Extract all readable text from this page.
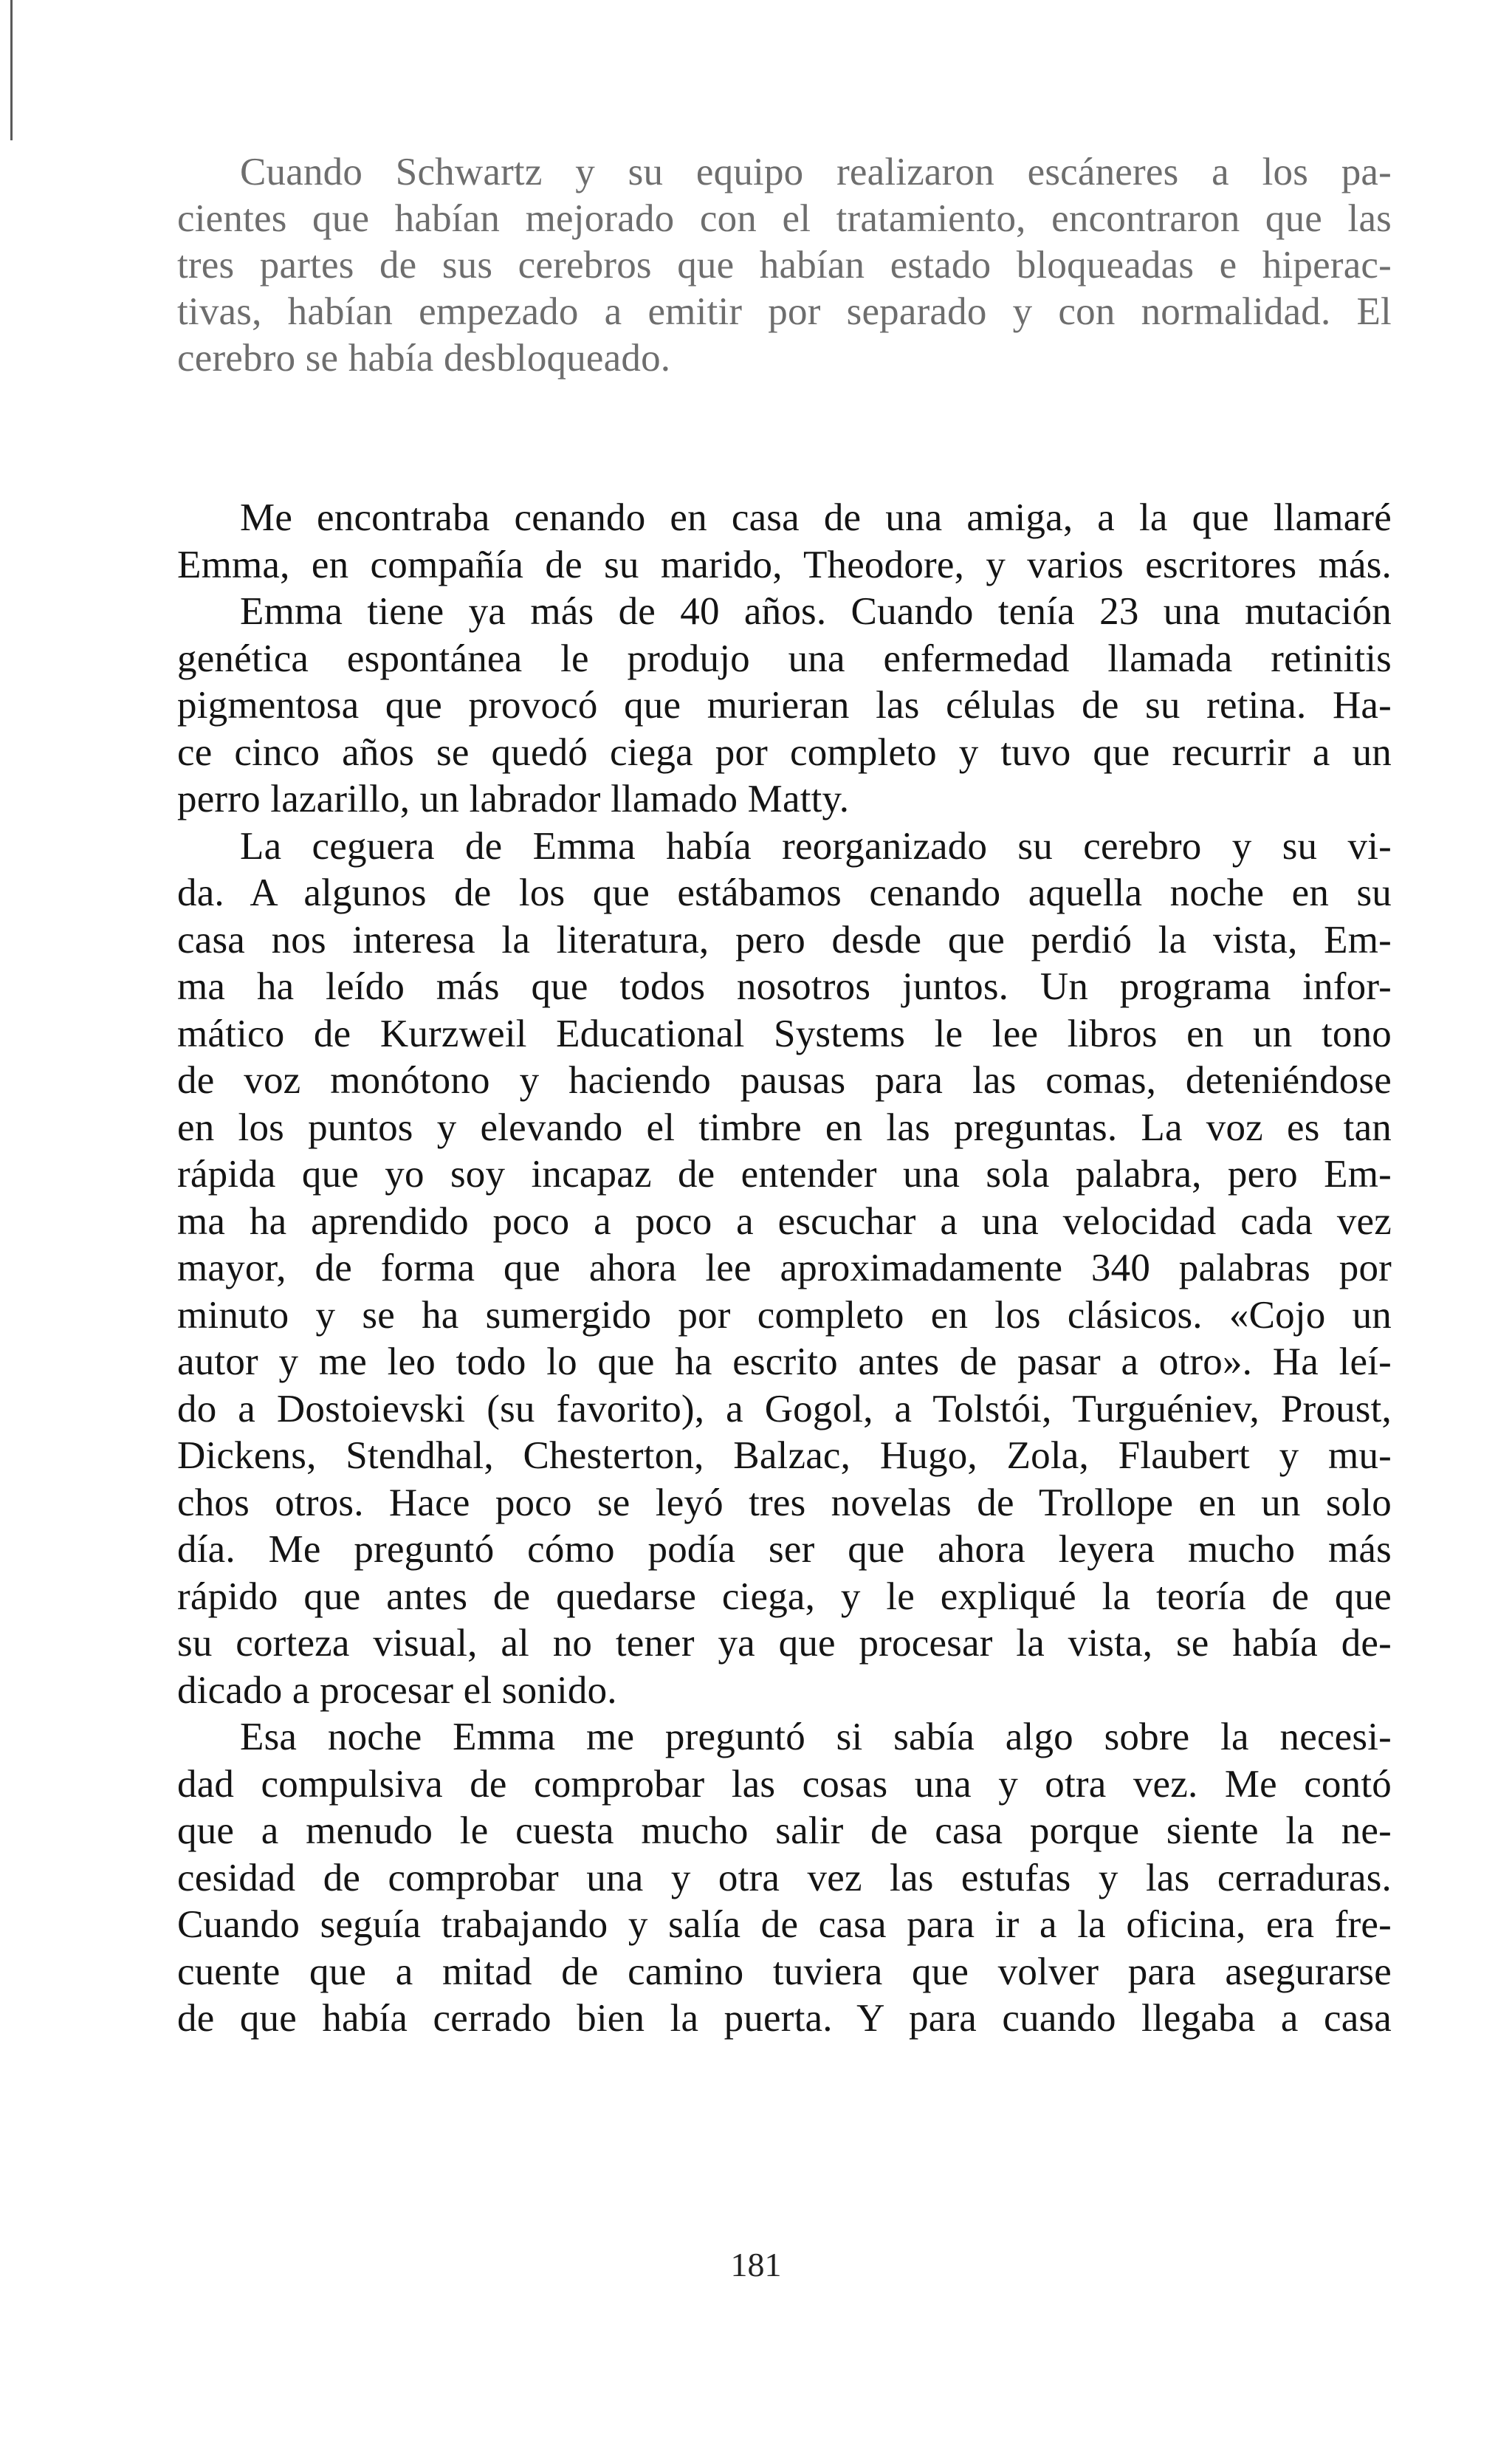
Cuando Schwartz y su equipo realizaron escáneres a los pa-
cientes que habían mejorado con el tratamiento, encontraron que las
tres partes de sus cerebros que habían estado bloqueadas e hiperac-
tivas, habían empezado a emitir por separado y con normalidad. El
cerebro se había desbloqueado.
Me encontraba cenando en casa de una amiga, a la que llamaré
Emma, en compañía de su marido, Theodore, y varios escritores más.
Emma tiene ya más de 40 años. Cuando tenía 23 una mutación
genética espontánea le produjo una enfermedad llamada retinitis
pigmentosa que provocó que murieran las células de su retina. Ha-
ce cinco años se quedó ciega por completo y tuvo que recurrir a un
perro lazarillo, un labrador llamado Matty.
La ceguera de Emma había reorganizado su cerebro y su vi-
da. A algunos de los que estábamos cenando aquella noche en su
casa nos interesa la literatura, pero desde que perdió la vista, Em-
ma ha leído más que todos nosotros juntos. Un programa infor-
mático de Kurzweil Educational Systems le lee libros en un tono
de voz monótono y haciendo pausas para las comas, deteniéndose
en los puntos y elevando el timbre en las preguntas. La voz es tan
rápida que yo soy incapaz de entender una sola palabra, pero Em-
ma ha aprendido poco a poco a escuchar a una velocidad cada vez
mayor, de forma que ahora lee aproximadamente 340 palabras por
minuto y se ha sumergido por completo en los clásicos. «Cojo un
autor y me leo todo lo que ha escrito antes de pasar a otro». Ha leí-
do a Dostoievski (su favorito), a Gogol, a Tolstói, Turguéniev, Proust,
Dickens, Stendhal, Chesterton, Balzac, Hugo, Zola, Flaubert y mu-
chos otros. Hace poco se leyó tres novelas de Trollope en un solo
día. Me preguntó cómo podía ser que ahora leyera mucho más
rápido que antes de quedarse ciega, y le expliqué la teoría de que
su corteza visual, al no tener ya que procesar la vista, se había de-
dicado a procesar el sonido.
Esa noche Emma me preguntó si sabía algo sobre la necesi-
dad compulsiva de comprobar las cosas una y otra vez. Me contó
que a menudo le cuesta mucho salir de casa porque siente la ne-
cesidad de comprobar una y otra vez las estufas y las cerraduras.
Cuando seguía trabajando y salía de casa para ir a la oficina, era fre-
cuente que a mitad de camino tuviera que volver para asegurarse
de que había cerrado bien la puerta. Y para cuando llegaba a casa
181
